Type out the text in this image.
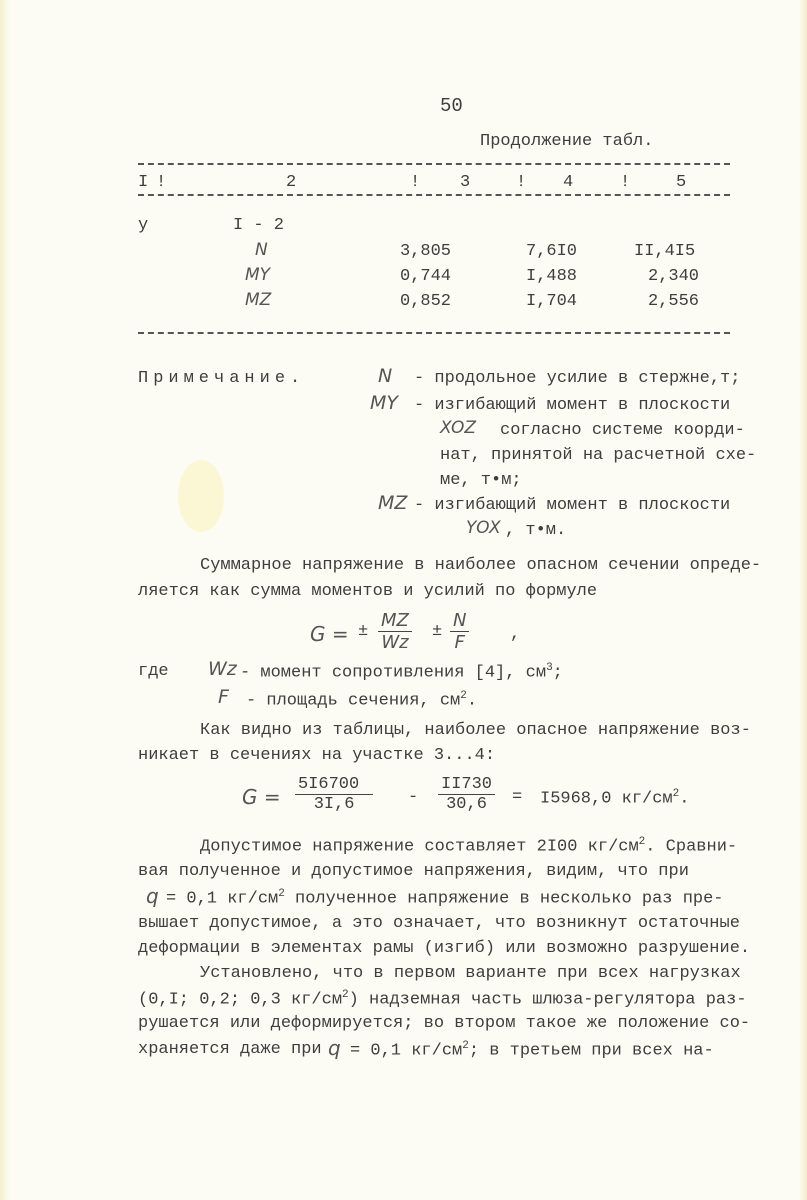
50
Продолжение табл.
I !	2	! 3	! 4	!	5
у	I - 2
N	3,805	7,6I0	II,4I5
MY	0,744	I,488	2,340
MZ	0,852	I,704	2,556
Примечание.	N - продольное усилие в стержне,т;
MY - изгибающий момент в плоскости
XOZ согласно системе коорди-
нат, принятой на расчетной схе-
ме, т•м;
MZ - изгибающий момент в плоскости
YOX , т•м.
Суммарное напряжение в наиболее опасном сечении опреде-
ляется как сумма моментов и усилий по формуле
G = ± $\frac{MZ}{Wz} \pm \frac{N}{F}$ ,
где Wz - момент сопротивления [4], $см^3$;
F - площадь сечения, $см^2$.
Как видно из таблицы, наиболее опасное напряжение воз-
никает в сечениях на участке 3...4:
$G = \frac{5I6700}{3I,6} - \frac{II730}{30,6} = I5968,0$ $кг/см^2$.
Допустимое напряжение составляет 2I00 $кг/см^2$. Сравни-
вая полученное и допустимое напряжения, видим, что при
q = 0,1 $кг/см^2$ полученное напряжение в несколько раз пре-
вышает допустимое, а это означает, что возникнут остаточные
деформации в элементах рамы (изгиб) или возможно разрушение.
Установлено, что в первом варианте при всех нагрузках
(0,I; 0,2; 0,3 $кг/см^2$) надземная часть шлюза-регулятора раз-
рушается или деформируется; во втором такое же положение со-
храняется даже при q = 0,1 $кг/см^2$; в третьем при всех на-
